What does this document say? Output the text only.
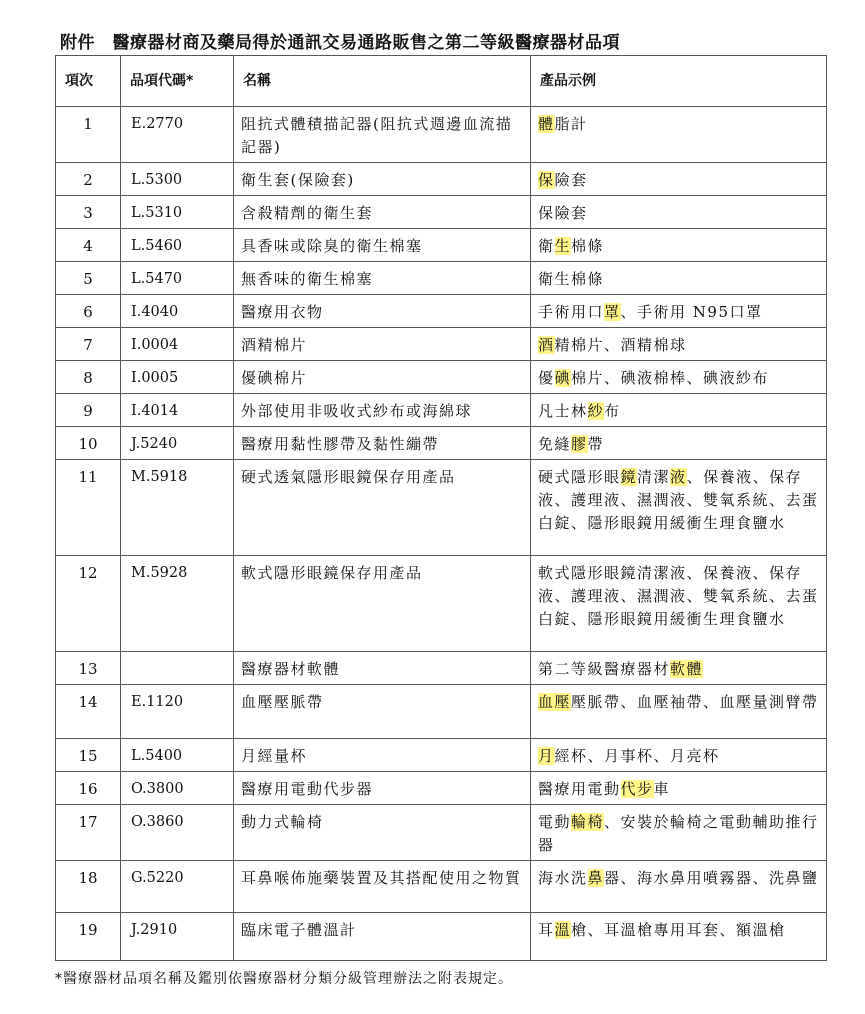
附件　醫療器材商及藥局得於通訊交易通路販售之第二等級醫療器材品項
項次	品項代碼*	名稱	產品示例
1	E.2770	阻抗式體積描記器(阻抗式週邊血流描記器)	體脂計
2	L.5300	衛生套(保險套)	保險套
3	L.5310	含殺精劑的衛生套	保險套
4	L.5460	具香味或除臭的衛生棉塞	衛生棉條
5	L.5470	無香味的衛生棉塞	衛生棉條
6	I.4040	醫療用衣物	手術用口罩、手術用 N95口罩
7	I.0004	酒精棉片	酒精棉片、酒精棉球
8	I.0005	優碘棉片	優碘棉片、碘液棉棒、碘液紗布
9	I.4014	外部使用非吸收式紗布或海綿球	凡士林紗布
10	J.5240	醫療用黏性膠帶及黏性繃帶	免縫膠帶
11	M.5918	硬式透氣隱形眼鏡保存用產品	硬式隱形眼鏡清潔液、保養液、保存液、護理液、濕潤液、雙氧系統、去蛋白錠、隱形眼鏡用緩衝生理食鹽水
12	M.5928	軟式隱形眼鏡保存用產品	軟式隱形眼鏡清潔液、保養液、保存液、護理液、濕潤液、雙氧系統、去蛋白錠、隱形眼鏡用緩衝生理食鹽水
13		醫療器材軟體	第二等級醫療器材軟體
14	E.1120	血壓壓脈帶	血壓壓脈帶、血壓袖帶、血壓量測臂帶
15	L.5400	月經量杯	月經杯、月事杯、月亮杯
16	O.3800	醫療用電動代步器	醫療用電動代步車
17	O.3860	動力式輪椅	電動輪椅、安裝於輪椅之電動輔助推行器
18	G.5220	耳鼻喉佈施藥裝置及其搭配使用之物質	海水洗鼻器、海水鼻用噴霧器、洗鼻鹽
19	J.2910	臨床電子體溫計	耳溫槍、耳溫槍專用耳套、額溫槍
*醫療器材品項名稱及鑑別依醫療器材分類分級管理辦法之附表規定。
